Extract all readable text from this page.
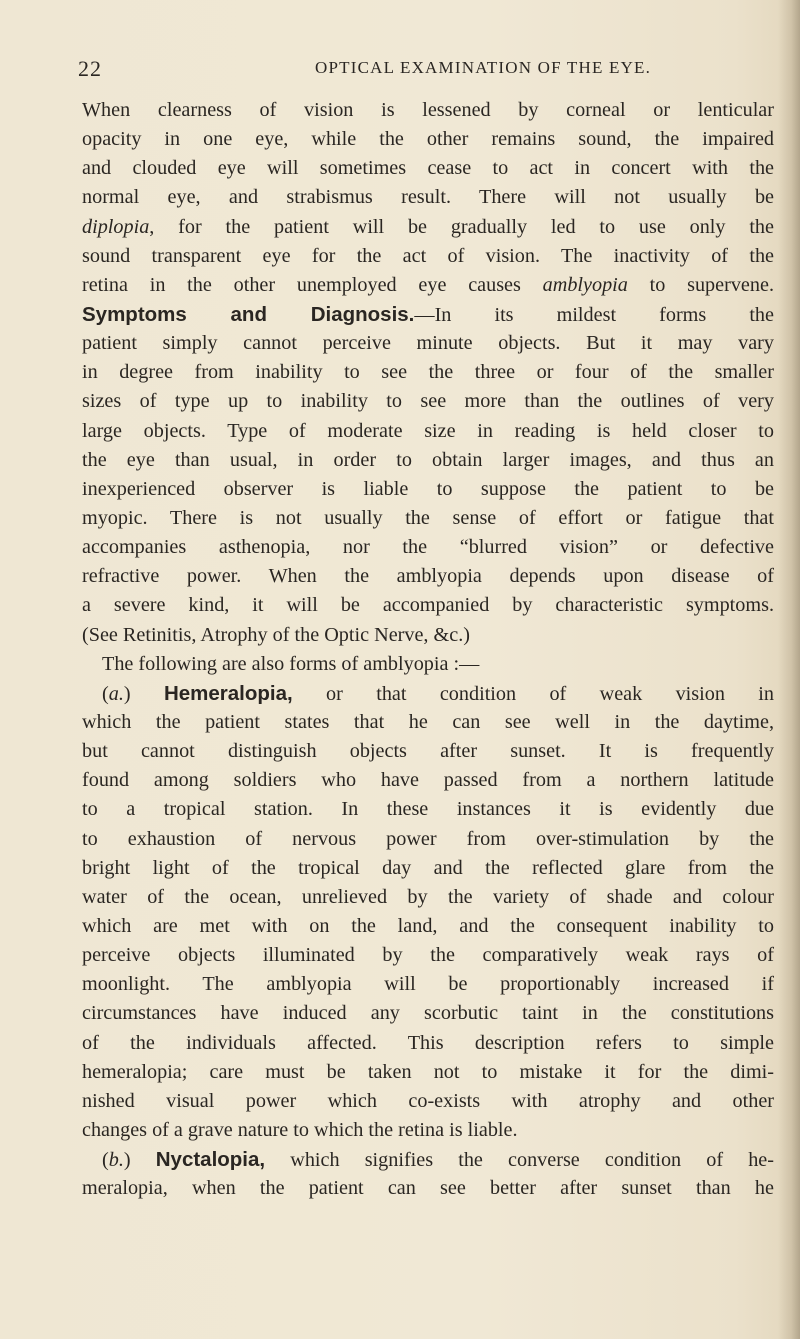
22	OPTICAL EXAMINATION OF THE EYE.
When clearness of vision is lessened by corneal or lenticular
opacity in one eye, while the other remains sound, the impaired
and clouded eye will sometimes cease to act in concert with the
normal eye, and strabismus result. There will not usually be
diplopia, for the patient will be gradually led to use only the
sound transparent eye for the act of vision. The inactivity of the
retina in the other unemployed eye causes amblyopia to supervene.
Symptoms and Diagnosis.—In its mildest forms the
patient simply cannot perceive minute objects. But it may vary
in degree from inability to see the three or four of the smaller
sizes of type up to inability to see more than the outlines of very
large objects. Type of moderate size in reading is held closer to
the eye than usual, in order to obtain larger images, and thus an
inexperienced observer is liable to suppose the patient to be
myopic. There is not usually the sense of effort or fatigue that
accompanies asthenopia, nor the “blurred vision” or defective
refractive power. When the amblyopia depends upon disease of
a severe kind, it will be accompanied by characteristic symptoms.
(See Retinitis, Atrophy of the Optic Nerve, &c.)
The following are also forms of amblyopia :—
(a.) Hemeralopia, or that condition of weak vision in
which the patient states that he can see well in the daytime,
but cannot distinguish objects after sunset. It is frequently
found among soldiers who have passed from a northern latitude
to a tropical station. In these instances it is evidently due
to exhaustion of nervous power from over-stimulation by the
bright light of the tropical day and the reflected glare from the
water of the ocean, unrelieved by the variety of shade and colour
which are met with on the land, and the consequent inability to
perceive objects illuminated by the comparatively weak rays of
moonlight. The amblyopia will be proportionably increased if
circumstances have induced any scorbutic taint in the constitutions
of the individuals affected. This description refers to simple
hemeralopia; care must be taken not to mistake it for the dimi-
nished visual power which co-exists with atrophy and other
changes of a grave nature to which the retina is liable.
(b.) Nyctalopia, which signifies the converse condition of he-
meralopia, when the patient can see better after sunset than he
